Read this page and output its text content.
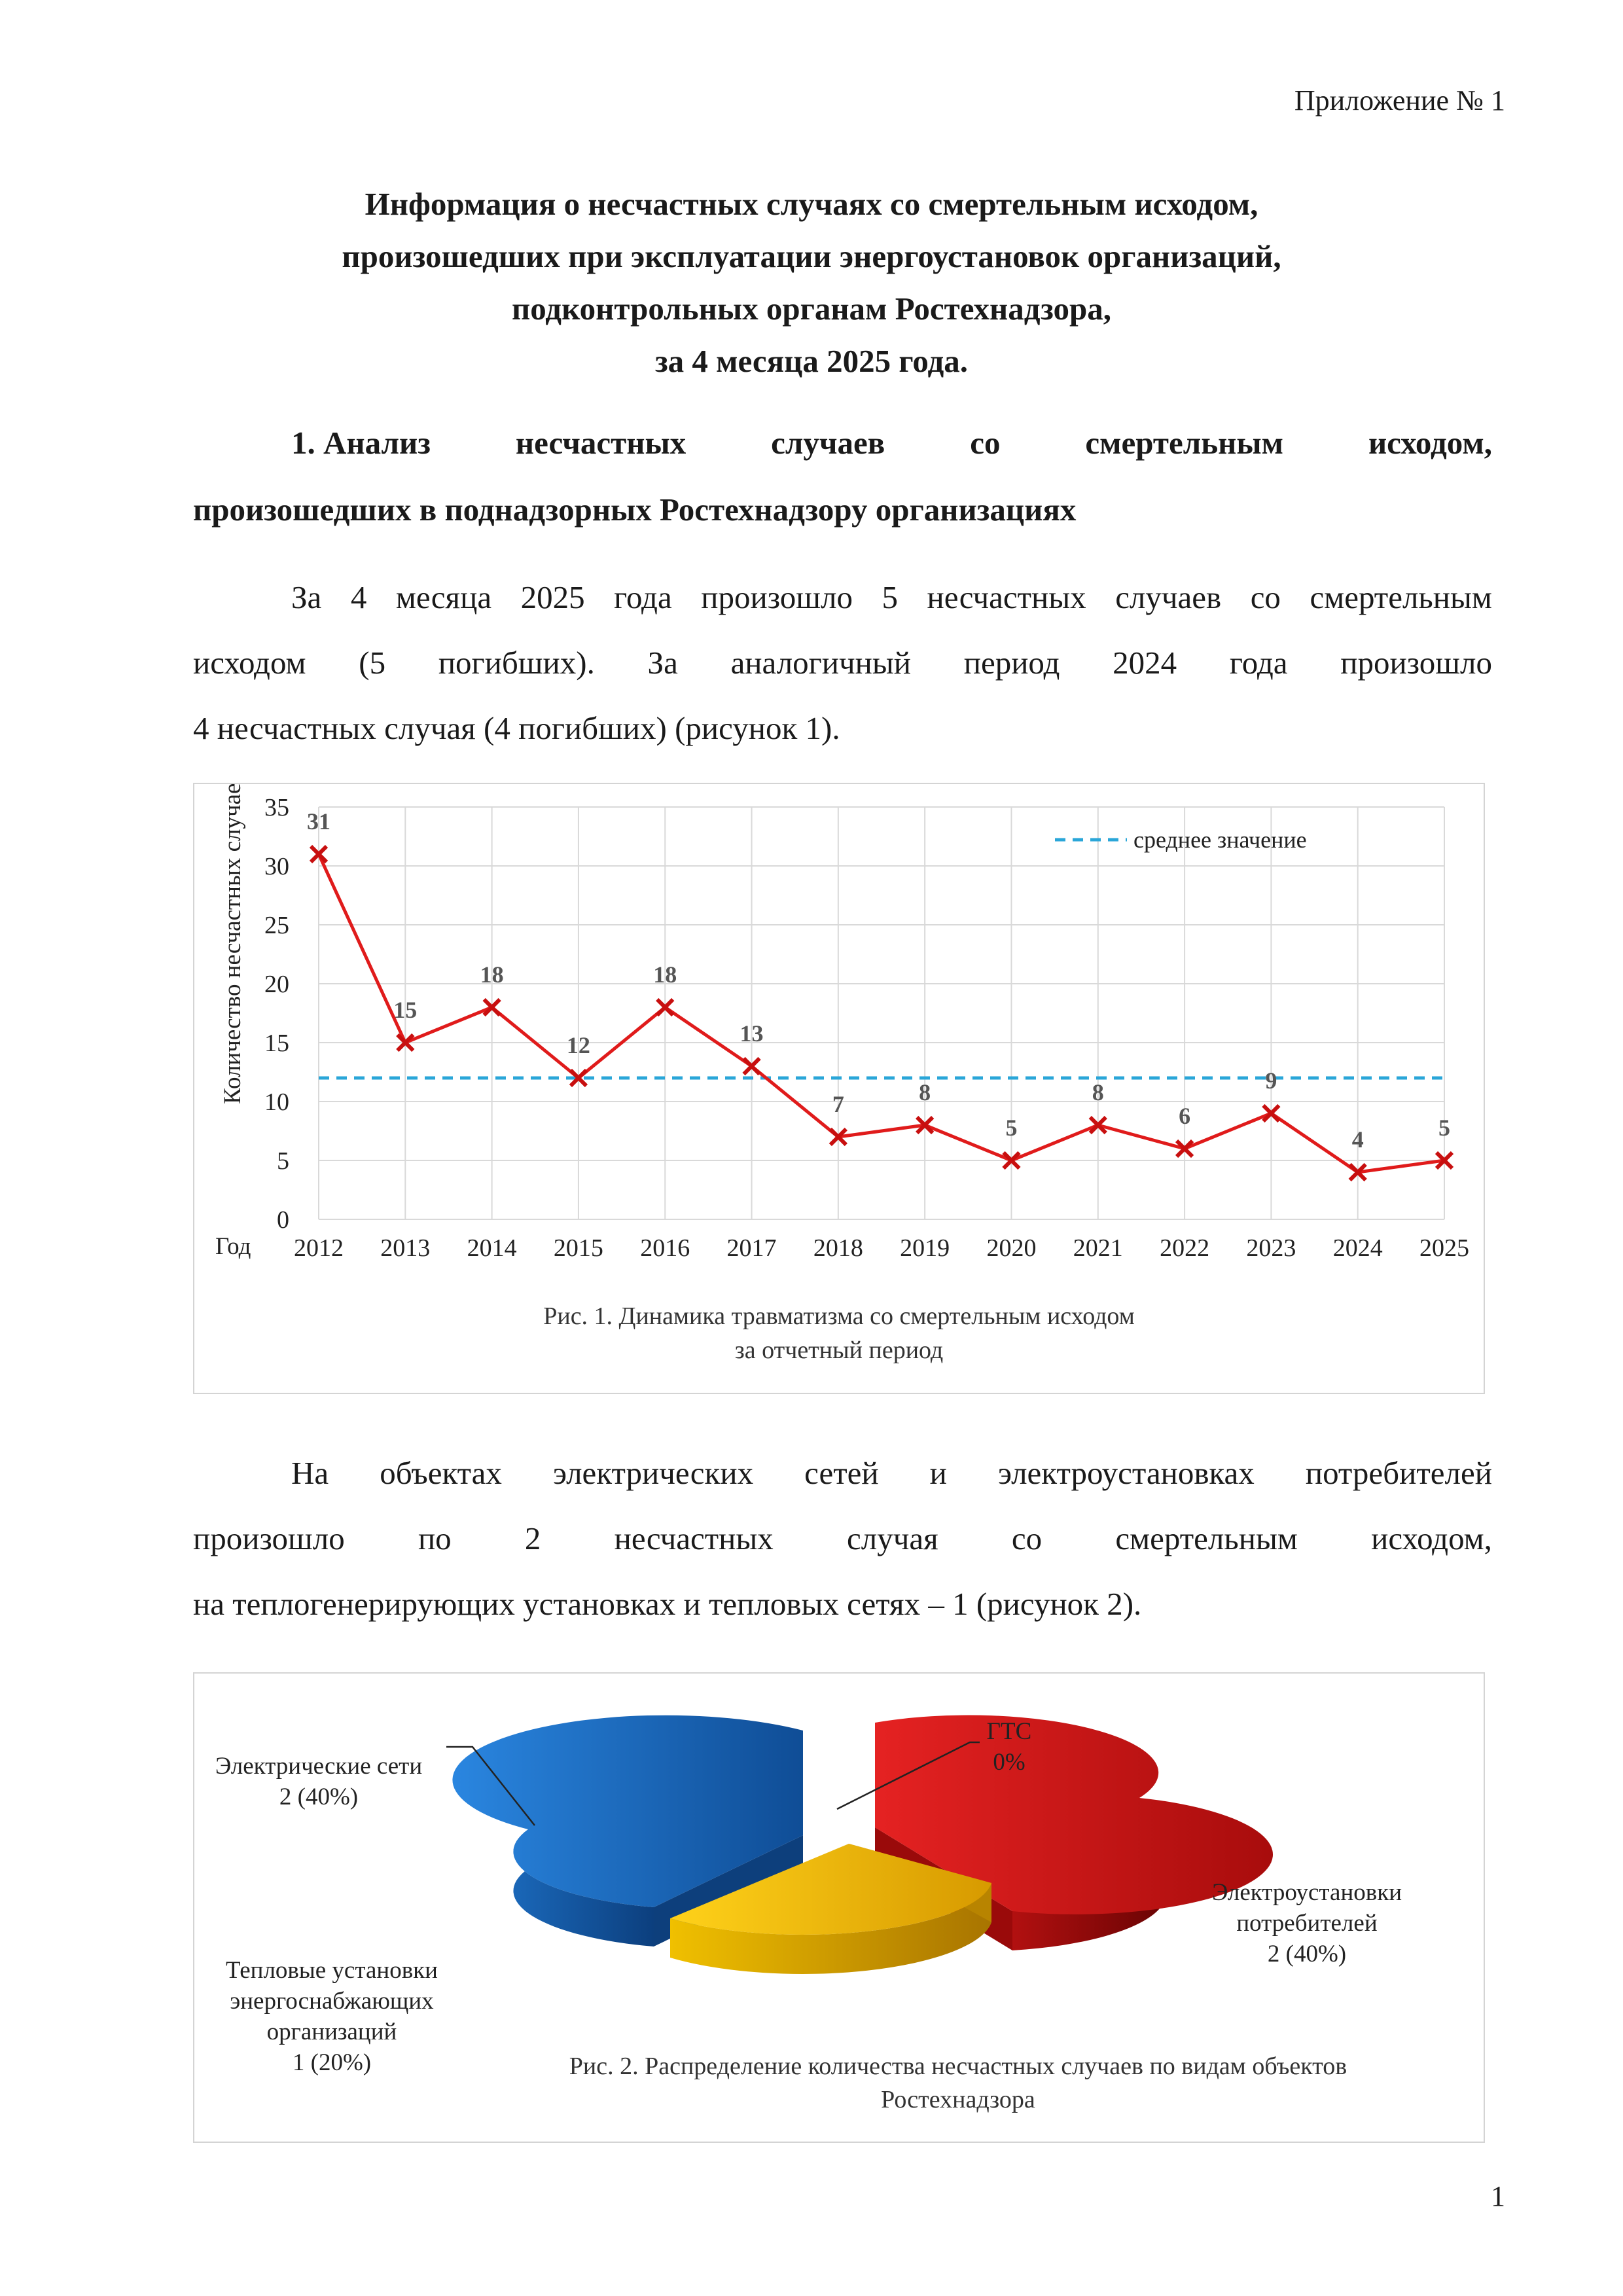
Приложение № 1
Информация о несчастных случаях со смертельным исходом,
произошедших при эксплуатации энергоустановок организаций,
подконтрольных органам Ростехнадзора,
за 4 месяца 2025 года.
1. Анализ	несчастных	случаев	со	смертельным	исходом,
произошедших в поднадзорных Ростехнадзору организациях
За 4 месяца 2025 года произошло 5 несчастных случаев со смертельным
исходом (5 погибших). За аналогичный период 2024 года произошло
4 несчастных случая (4 погибших) (рисунок 1).
0
5
10
15
20
25
30
35
2012 2013 2014 2015 2016 2017 2018 2019 2020 2021 2022 2023 2024 2025
Количество несчастных случаев
Год
31
15
18
12
18
13
7	8
5
8
6
9
4	5
среднее значение
Рис. 1. Динамика травматизма со смертельным исходом
за отчетный период
На объектах электрических сетей и электроустановках потребителей
произошло по 2 несчастных случая со смертельным исходом,
на теплогенерирующих установках и тепловых сетях – 1 (рисунок 2).
Электрические сети
2 (40%)
ГТС
0%
Электроустановки
потребителей
2 (40%)
Тепловые установки
энергоснабжающих
организаций
1 (20%)	Рис. 2. Распределение количества несчастных случаев по видам объектов
Ростехнадзора
1
